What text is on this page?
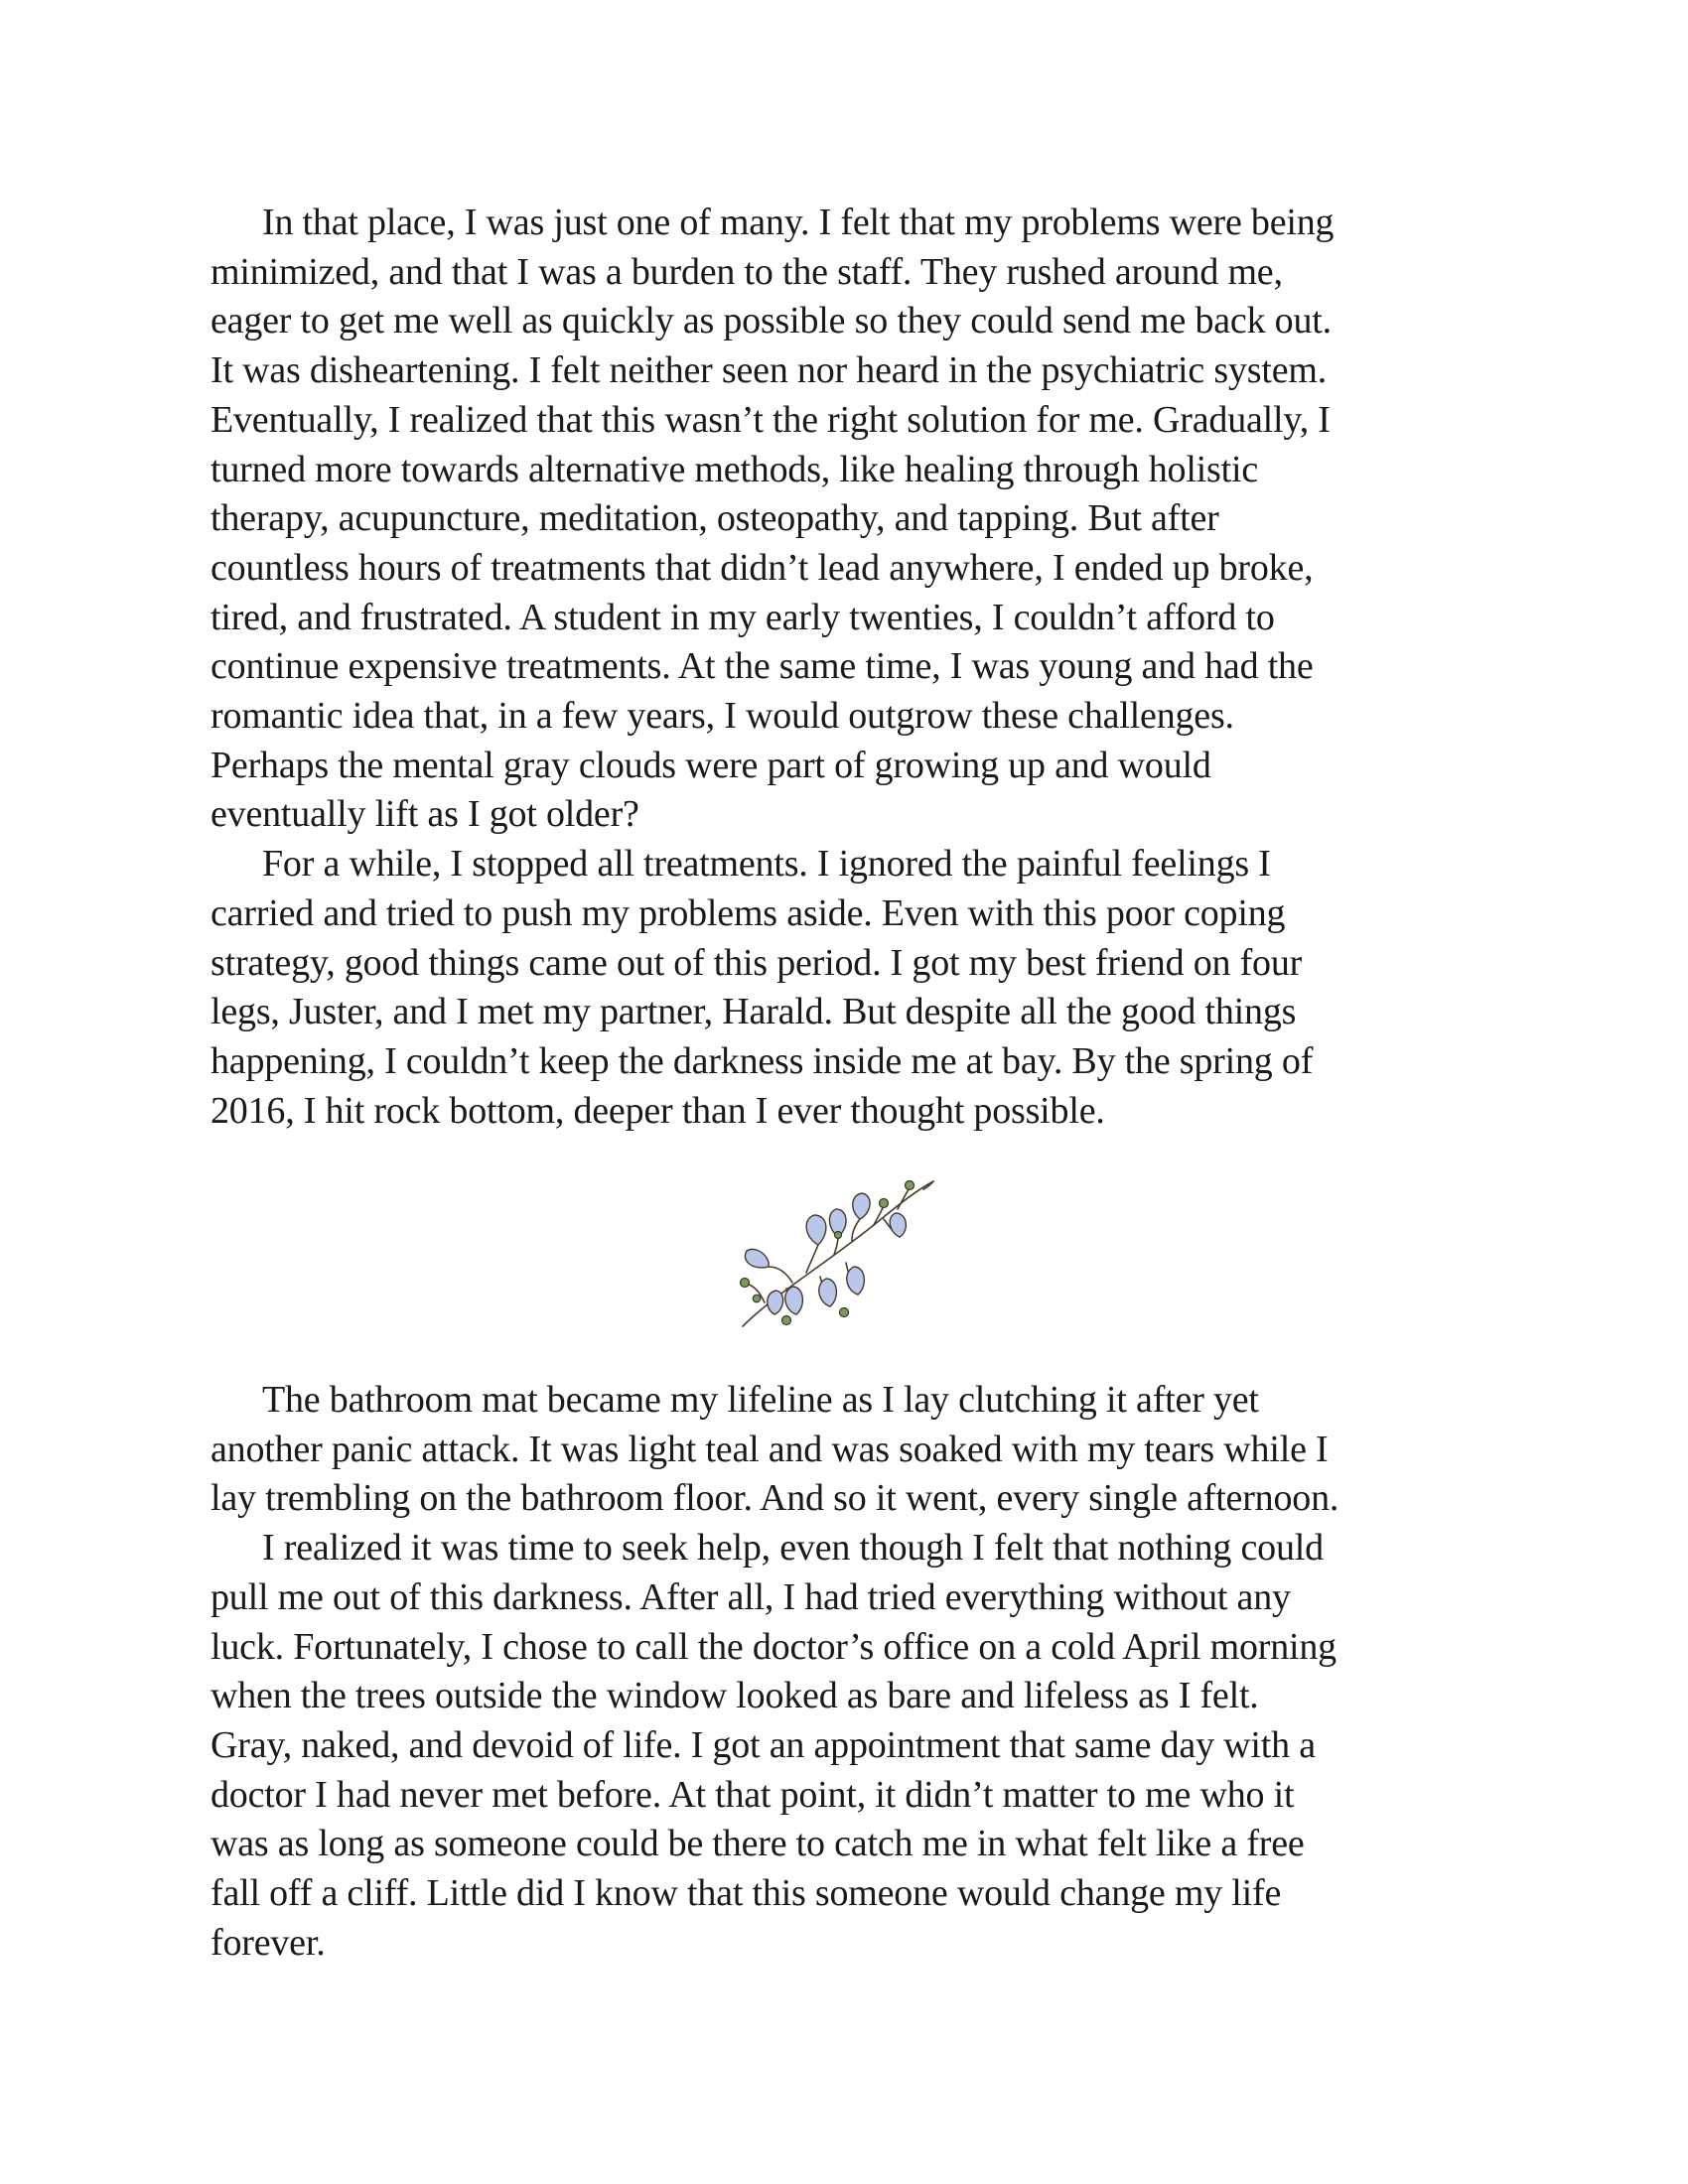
In that place, I was just one of many. I felt that my problems were being
minimized, and that I was a burden to the staff. They rushed around me,
eager to get me well as quickly as possible so they could send me back out.
It was disheartening. I felt neither seen nor heard in the psychiatric system.
Eventually, I realized that this wasn’t the right solution for me. Gradually, I
turned more towards alternative methods, like healing through holistic
therapy, acupuncture, meditation, osteopathy, and tapping. But after
countless hours of treatments that didn’t lead anywhere, I ended up broke,
tired, and frustrated. A student in my early twenties, I couldn’t afford to
continue expensive treatments. At the same time, I was young and had the
romantic idea that, in a few years, I would outgrow these challenges.
Perhaps the mental gray clouds were part of growing up and would
eventually lift as I got older?
For a while, I stopped all treatments. I ignored the painful feelings I
carried and tried to push my problems aside. Even with this poor coping
strategy, good things came out of this period. I got my best friend on four
legs, Juster, and I met my partner, Harald. But despite all the good things
happening, I couldn’t keep the darkness inside me at bay. By the spring of
2016, I hit rock bottom, deeper than I ever thought possible.
The bathroom mat became my lifeline as I lay clutching it after yet
another panic attack. It was light teal and was soaked with my tears while I
lay trembling on the bathroom floor. And so it went, every single afternoon.
I realized it was time to seek help, even though I felt that nothing could
pull me out of this darkness. After all, I had tried everything without any
luck. Fortunately, I chose to call the doctor’s office on a cold April morning
when the trees outside the window looked as bare and lifeless as I felt.
Gray, naked, and devoid of life. I got an appointment that same day with a
doctor I had never met before. At that point, it didn’t matter to me who it
was as long as someone could be there to catch me in what felt like a free
fall off a cliff. Little did I know that this someone would change my life
forever.
